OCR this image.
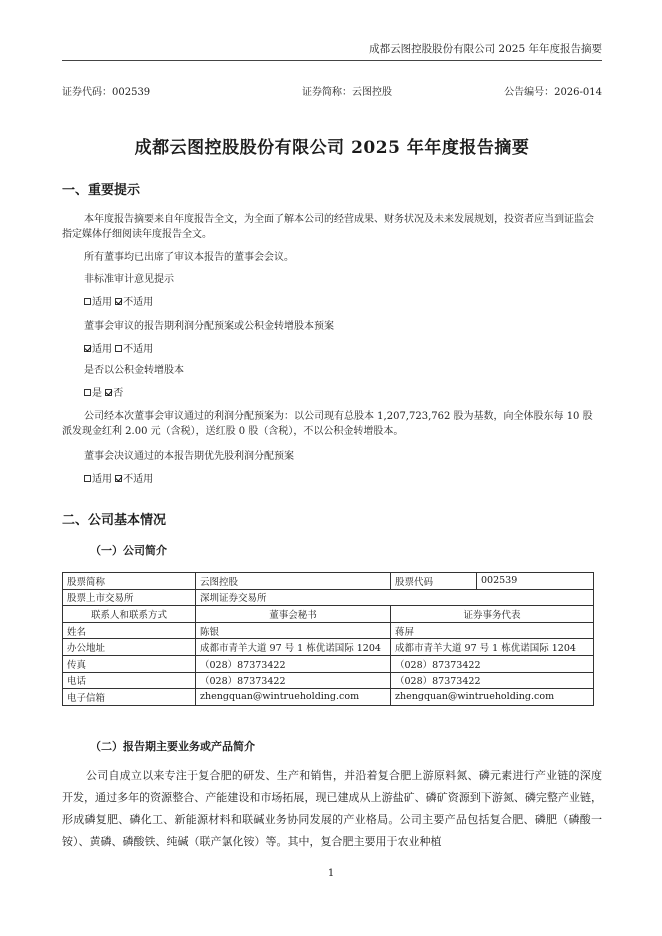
成都云图控股股份有限公司 2025 年年度报告摘要
证券代码：002539	证券简称：云图控股	公告编号：2026-014
成都云图控股股份有限公司 2025 年年度报告摘要
一、重要提示
本年度报告摘要来自年度报告全文，为全面了解本公司的经营成果、财务状况及未来发展规划，投资者应当到证监会指定媒体仔细阅读年度报告全文。
所有董事均已出席了审议本报告的董事会会议。
非标准审计意见提示
适用 不适用
董事会审议的报告期利润分配预案或公积金转增股本预案
适用 不适用
是否以公积金转增股本
是 否
公司经本次董事会审议通过的利润分配预案为：以公司现有总股本 1,207,723,762 股为基数，向全体股东每 10 股派发现金红利 2.00 元（含税），送红股 0 股（含税），不以公积金转增股本。
董事会决议通过的本报告期优先股利润分配预案
适用 不适用
二、公司基本情况
（一）公司简介
股票简称	云图控股	股票代码	002539
股票上市交易所	深圳证券交易所		
联系人和联系方式	董事会秘书	证券事务代表	
姓名	陈银	蒋屏	
办公地址	成都市青羊大道 97 号 1 栋优诺国际 1204	成都市青羊大道 97 号 1 栋优诺国际 1204	
传真	（028）87373422	（028）87373422	
电话	（028）87373422	（028）87373422	
电子信箱	zhengquan@wintrueholding.com	zhengquan@wintrueholding.com	
（二）报告期主要业务或产品简介
公司自成立以来专注于复合肥的研发、生产和销售，并沿着复合肥上游原料氮、磷元素进行产业链的深度开发，通过多年的资源整合、产能建设和市场拓展，现已建成从上游盐矿、磷矿资源到下游氮、磷完整产业链，形成磷复肥、磷化工、新能源材料和联碱业务协同发展的产业格局。公司主要产品包括复合肥、磷肥（磷酸一铵）、黄磷、磷酸铁、纯碱（联产氯化铵）等。其中，复合肥主要用于农业种植
1
